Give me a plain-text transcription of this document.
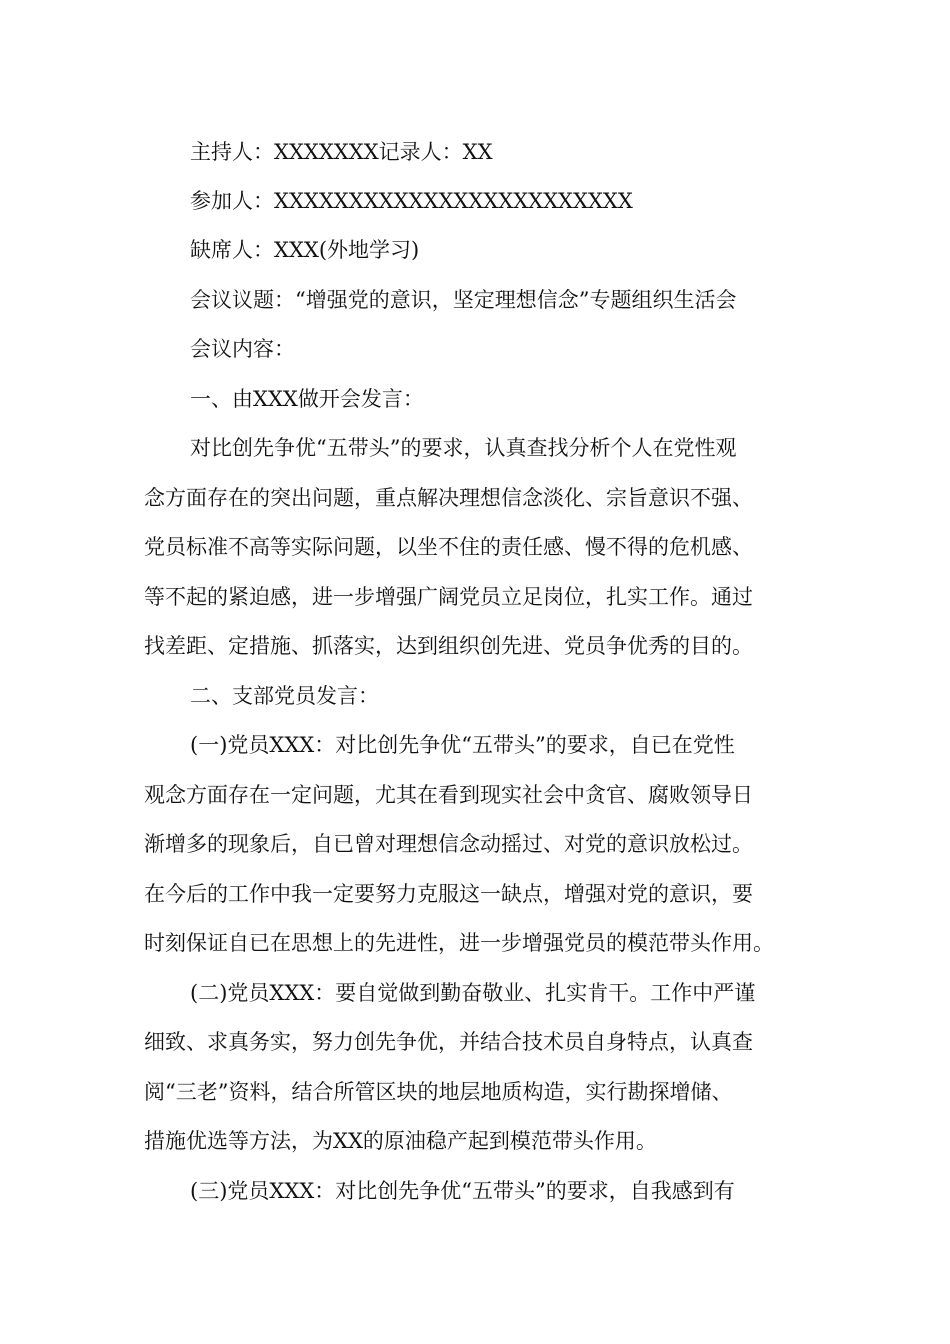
主持人：XXXXXXX记录人：XX
参加人：XXXXXXXXXXXXXXXXXXXXXXXX
缺席人：XXX(外地学习)
会议议题：“增强党的意识，坚定理想信念”专题组织生活会
会议内容：
一、由XXX做开会发言：
对比创先争优“五带头”的要求，认真查找分析个人在党性观
念方面存在的突出问题，重点解决理想信念淡化、宗旨意识不强、
党员标准不高等实际问题，以坐不住的责任感、慢不得的危机感、
等不起的紧迫感，进一步增强广阔党员立足岗位，扎实工作。通过
找差距、定措施、抓落实，达到组织创先进、党员争优秀的目的。
二、支部党员发言：
(一)党员XXX：对比创先争优“五带头”的要求，自已在党性
观念方面存在一定问题，尤其在看到现实社会中贪官、腐败领导日
渐增多的现象后，自已曾对理想信念动摇过、对党的意识放松过。
在今后的工作中我一定要努力克服这一缺点，增强对党的意识，要
时刻保证自已在思想上的先进性，进一步增强党员的模范带头作用。
(二)党员XXX：要自觉做到勤奋敬业、扎实肯干。工作中严谨
细致、求真务实，努力创先争优，并结合技术员自身特点，认真查
阅“三老”资料，结合所管区块的地层地质构造，实行勘探增储、
措施优选等方法，为XX的原油稳产起到模范带头作用。
(三)党员XXX：对比创先争优“五带头”的要求，自我感到有
